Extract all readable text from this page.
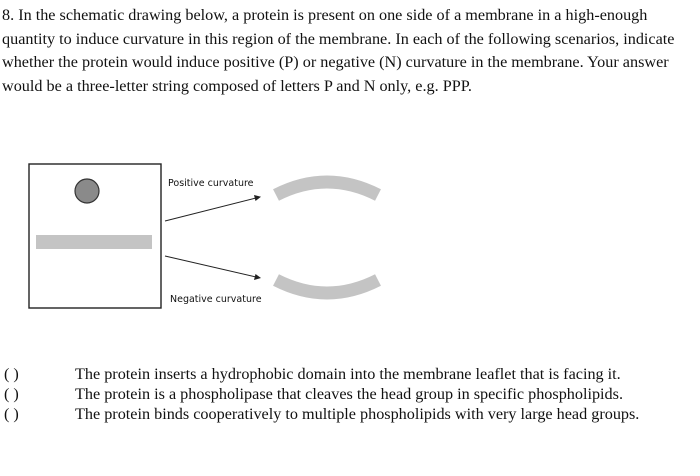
8. In the schematic drawing below, a protein is present on one side of a membrane in a high-enough quantity to induce curvature in this region of the membrane. In each of the following scenarios, indicate whether the protein would induce positive (P) or negative (N) curvature in the membrane. Your answer would be a three-letter string composed of letters P and N only, e.g. PPP.
Positive curvature
Negative curvature
( )	The protein inserts a hydrophobic domain into the membrane leaflet that is facing it.
( )	The protein is a phospholipase that cleaves the head group in specific phospholipids.
( )	The protein binds cooperatively to multiple phospholipids with very large head groups.
